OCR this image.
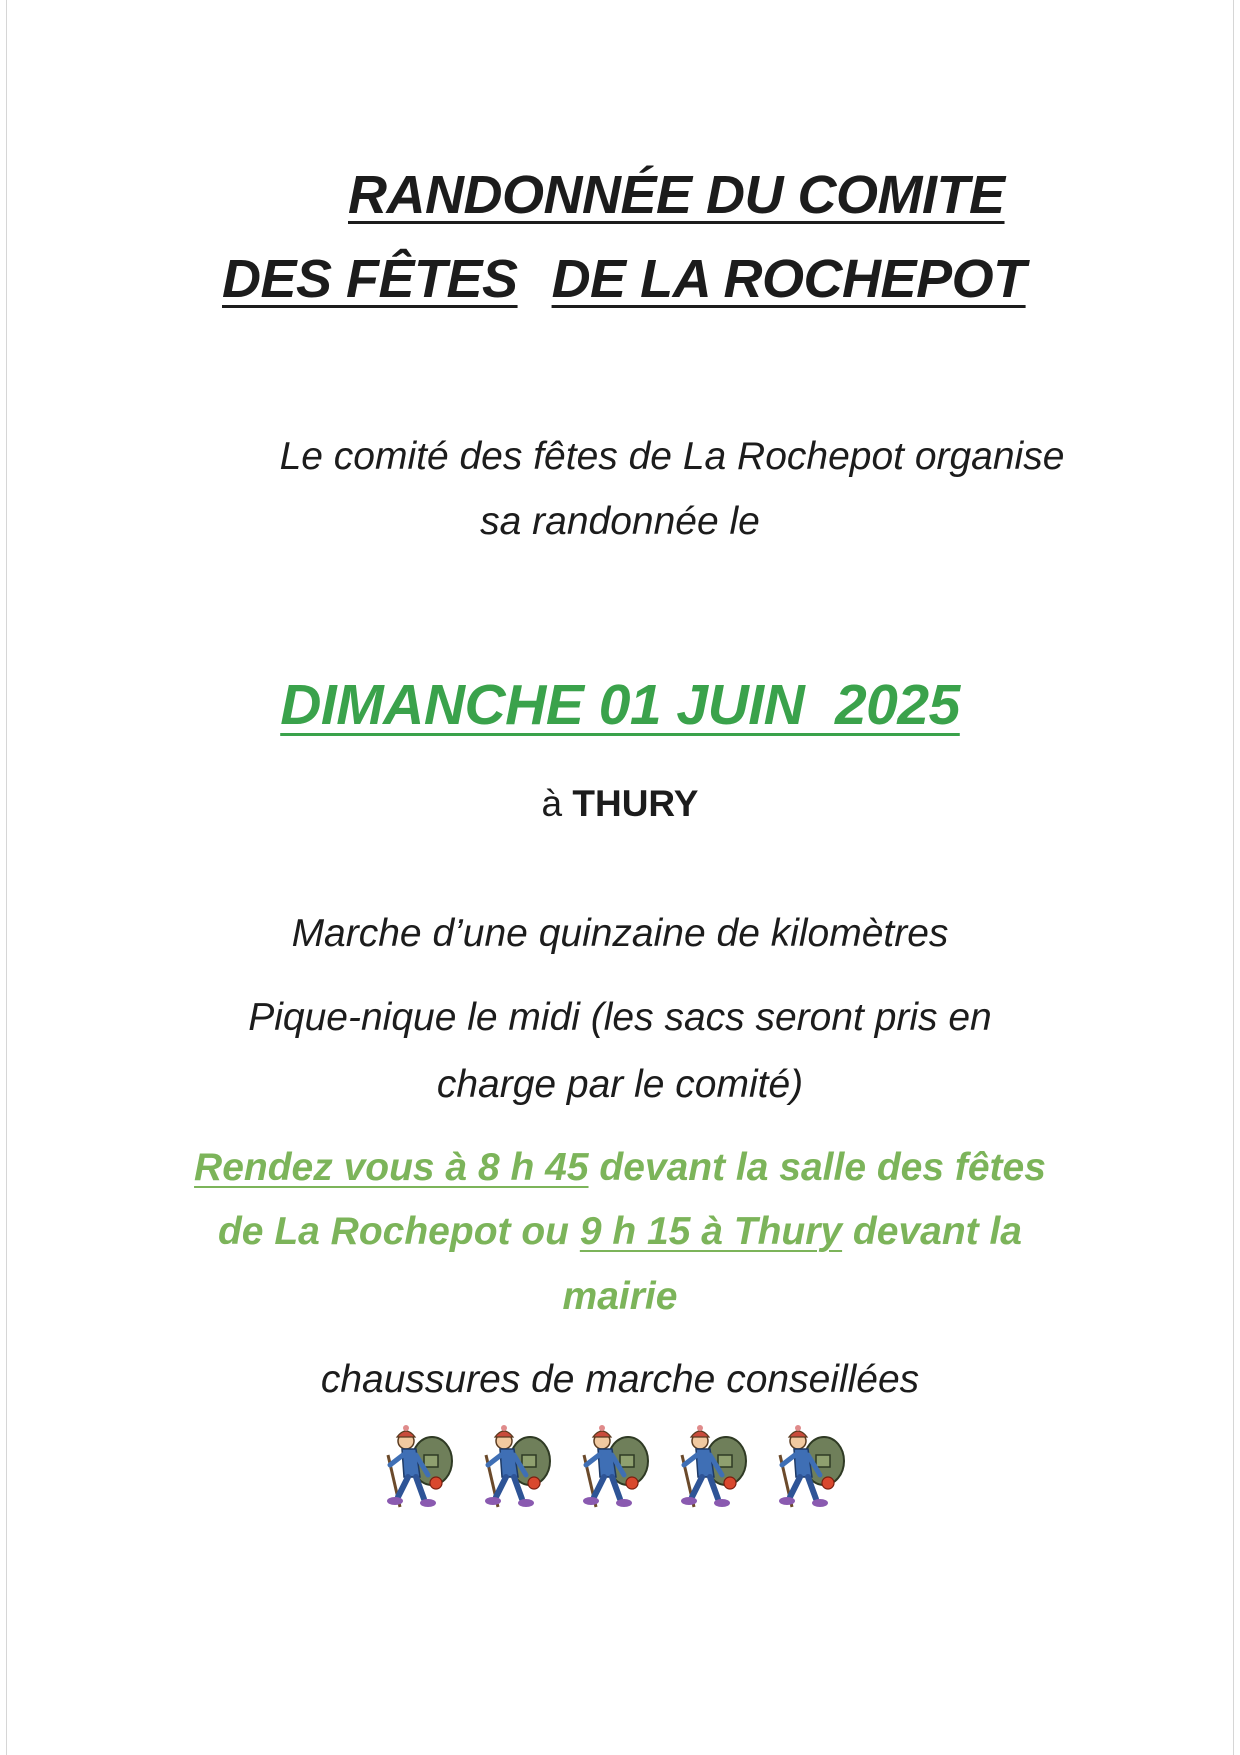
RANDONNÉE DU COMITE
DES FÊTES DE LA ROCHEPOT
Le comité des fêtes de La Rochepot organise
sa randonnée le
DIMANCHE 01 JUIN  2025
à THURY
Marche d’une quinzaine de kilomètres
Pique-nique le midi (les sacs seront pris en
charge par le comité)
Rendez vous à 8 h 45 devant la salle des fêtes
de La Rochepot ou 9 h 15 à Thury devant la
mairie
chaussures de marche conseillées
